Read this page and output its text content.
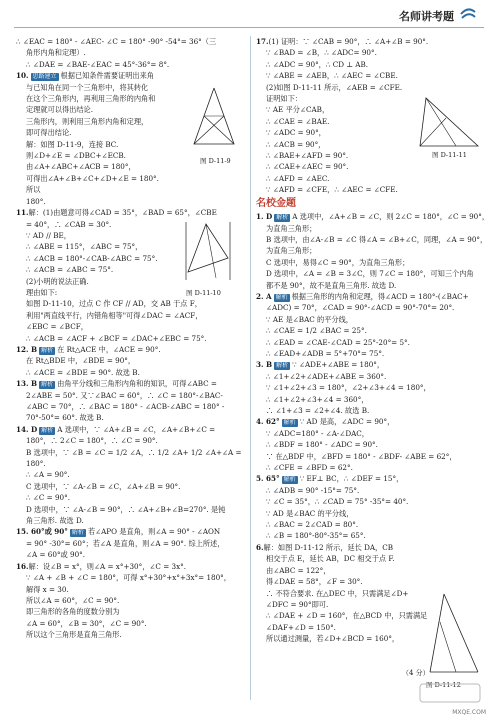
名师讲考题
∴ ∠EAC = 180° - ∠AEC- ∠C = 180° -90° -54°= 36°（三
角形内角和定理）.
∴ ∠DAE = ∠BAE-∠EAC = 45°-36°= 8°.
10. 思路建立 根据已知条件需要证明出来角
与已知角在同一个三角形中，将其转化
在这个三角形内，再利用三角形的内角和
定理就可以得出结论.
三角形内，则利用三角形内角和定理，
即可得出结论.
解：如图 D-11-9，连接 BC.
则∠D+∠E = ∠DBC+∠ECB.
由∠A+∠ABC+∠ACB = 180°，
可得出∠A+∠B+∠C+∠D+∠E = 180°.
所以
180°.
11.解：(1)由题意可得∠CAD = 35°，∠BAD = 65°，∠CBE
= 40°，∴ ∠CAB = 30°.
∵ AD // BE，
∴ ∠ABE = 115°，∠ABC = 75°，
∴ ∠ACB = 180°-∠CAB-∠ABC = 75°.
∴ ∠ACB = ∠ABC = 75°.
(2)小明的说法正确.
理由如下:
如图 D-11-10，过点 C 作 CF // AD，交 AB 于点 F，
利用"两直线平行，内错角相等"可得∠DAC = ∠ACF，
∠EBC = ∠BCF，
∴ ∠ACB = ∠ACF + ∠BCF = ∠DAC+∠EBC = 75°.
12. B 解析 在 Rt△ACE 中，∠ACE = 90°.
在 Rt△BDE 中，∠BDE = 90°，
∴ ∠ACE = ∠BDE = 90°. 故选 B.
13. B 解析 由角平分线和三角形内角和的知识，可得∠ABC =
2∠ABE = 50°. 又∵∠BAC = 60°，∴ ∠C = 180°-∠BAC-
∠ABC = 70°，∴ ∠BAC = 180° - ∠ACB-∠ABC = 180° -
70°-50°= 60°. 故选 B.
14. D 解析 A 选项中，∵ ∠A+∠B = ∠C，∠A+∠B+∠C =
180°，∴ 2∠C = 180°，∴ ∠C = 90°.
B 选项中，∵ ∠B = ∠C = 1/2 ∠A，∴ 1/2 ∠A+ 1/2 ∠A+∠A =
180°.
∴ ∠A = 90°.
C 选项中，∵ ∠A-∠B = ∠C，∠A+∠B = 90°.
∴ ∠C = 90°.
D 选项中，∵ ∠A-∠B = 90°，∴ ∠A+∠B+∠B=270°. 是钝
角三角形. 故选 D.
15. 60°或 90° 解析 若∠APO 是直角，则∠A = 90° - ∠AON
= 90° -30°= 60°；若∠A 是直角，则∠A = 90°. 综上所述，
∠A = 60°或 90°.
16.解：设∠B = x°，则∠A = x°+30°，∠C = 3x°.
∵ ∠A + ∠B + ∠C = 180°，可得 x°+30°+x°+3x°= 180°，
解得 x = 30.
所以∠A = 60°，∠C = 90°.
即三角形的各角的度数分别为
∠A = 60°，∠B = 30°，∠C = 90°.
所以这个三角形是直角三角形.
17.(1) 证明：∵ ∠CAB = 90°，∴ ∠A+∠B = 90°.
∵ ∠BAD = ∠B，∴ ∠ADC= 90°.
∴ ∠ADC = 90°，∴ CD ⊥ AB.
∵ ∠ABE = ∠AEB，∴ ∠AEC = ∠CBE.
(2)如图 D-11-11 所示，∠AEB = ∠CFE.
证明如下：
∵ AE 平分∠CAB，
∴ ∠CAE = ∠BAE.
∵ ∠ADC = 90°，
∴ ∠ACB = 90°，
∴ ∠BAE+∠AFD = 90°.
∴ ∠CAE+∠AEC = 90°.
∴ ∠AFD = ∠AEC.
∵ ∠AFD = ∠CFE，∴ ∠AEC = ∠CFE.
名校金题
1. D 解析 A 选项中，∠A+∠B = ∠C，则 2∠C = 180°，∠C = 90°，
为直角三角形；
B 选项中，由∠A-∠B = ∠C 得∠A = ∠B+∠C，同理，∠A = 90°，
为直角三角形；
C 选项中，易得∠C = 90°，为直角三角形；
D 选项中，∠A = ∠B = 3∠C，则 7∠C = 180°，可知三个内角
都不是 90°，故不是直角三角形. 故选 D.
2. A 解析 根据三角形的内角和定理，得∠ACD = 180°-(∠BAC+
∠ADC) = 70°，∠CAD = 90°-∠ACD = 90°-70°= 20°.
∵ AE 是∠BAC 的平分线，
∴ ∠CAE = 1/2 ∠BAC = 25°.
∴ ∠EAD = ∠CAE-∠CAD = 25°-20°= 5°.
∴ ∠EAD+∠ADB = 5°+70°= 75°.
3. B 解析 ∵ ∠ADE+∠ABE = 180°，
∴ ∠1+∠2+∠ADE+∠ABE = 360°.
∵ ∠1+∠2+∠3 = 180°，∠2+∠3+∠4 = 180°，
∴ ∠1+∠2+∠3+∠4 = 360°，
∴ ∠1+∠3 = ∠2+∠4. 故选 B.
4. 62° 解析 ∵ AD 是高，∠ADC = 90°，
∵ ∠ADC=180° - ∠A-∠DAC，
∴ ∠BDF = 180° - ∠ADC = 90°.
∵ 在△BDF 中，∠BFD = 180° - ∠BDF- ∠ABE = 62°，
∴ ∠CFE = ∠BFD = 62°.
5. 65° 解析 ∵ EF⊥ BC，∴ ∠DEF = 15°，
∴ ∠ADB = 90° -15°= 75°.
∵ ∠C = 35°，∴ ∠CAD = 75° -35°= 40°.
∵ AD 是∠BAC 的平分线，
∴ ∠BAC = 2∠CAD = 80°.
∴ ∠B = 180°-80°-35°= 65°.
6.解：如图 D-11-12 所示，延长 DA，CB
相交于点 E，延长 AB，DC 相交于点 F.
由∠ABC = 122°，
得∠DAE = 58°，∠F = 30°.
∴ 不符合要求. 在△DEC 中，只需满足∠D+
∠DFC = 90°即可.
∴ ∠DAE + ∠D = 160°，在△BCD 中，只需满足
∠DAF+∠D = 150°.
所以通过测量，若∠D+∠BCD = 160°，
图 D-11-9
图 D-11-10
图 D-11-11
图 D-11-12
（4 分）
MXQE.COM
